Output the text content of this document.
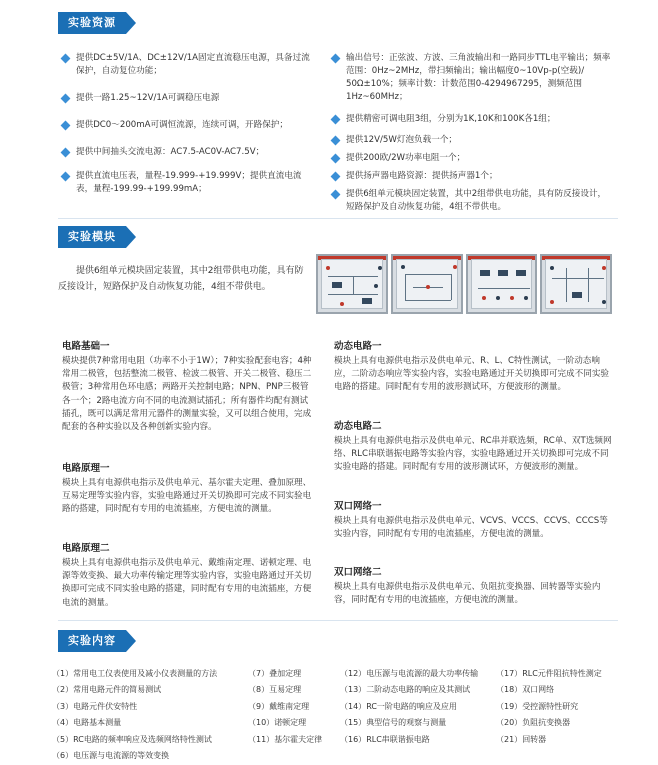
实验资源
提供DC±5V/1A、DC±12V/1A固定直流稳压电源，具备过流保护，自动复位功能；
提供一路1.25~12V/1A可调稳压电源
提供DC0～200mA可调恒流源，连续可调，开路保护；
提供中间抽头交流电源：AC7.5-AC0V-AC7.5V；
提供直流电压表，量程-19.999-+19.999V；提供直流电流表，量程-199.99-+199.99mA；
输出信号：正弦波、方波、三角波输出和一路同步TTL电平输出；频率范围：0Hz~2MHz，带扫频输出；输出幅度0~10Vp-p(空载)/ 50Ω±10%；频率计数：计数范围0-4294967295，测频范围1Hz~60MHz；
提供精密可调电阻3组，分别为1K,10K和100K各1组；
提供12V/5W灯泡负载一个；
提供200欧/2W功率电阻一个；
提供扬声器电路资源：提供扬声器1个；
提供6组单元模块固定装置，其中2组带供电功能，具有防反接设计，短路保护及自动恢复功能，4组不带供电。
实验模块
提供6组单元模块固定装置，其中2组带供电功能，具有防反接设计，短路保护及自动恢复功能，4组不带供电。
电路基础一

模块提供7种常用电阻（功率不小于1W）；7种实验配套电容；4种常用二极管，包括整流二极管、检波二极管、开关二极管、稳压二极管；3种常用色环电感；两路开关控制电路；NPN、PNP三极管各一个；2路电流方向不同的电流测试插孔；所有器件均配有测试插孔，既可以满足常用元器件的测量实验，又可以组合使用，完成配套的各种实验以及各种创新实验内容。

电路原理一

模块上具有电源供电指示及供电单元、基尔霍夫定理、叠加原理、互易定理等实验内容，实验电路通过开关切换即可完成不同实验电路的搭建，同时配有专用的电流插座，方便电流的测量。

电路原理二

模块上具有电源供电指示及供电单元、戴维南定理、诺顿定理、电源等效变换、最大功率传输定理等实验内容，实验电路通过开关切换即可完成不同实验电路的搭建，同时配有专用的电流插座，方便电流的测量。

动态电路一

模块上具有电源供电指示及供电单元、R、L、C特性测试，一阶动态响应，二阶动态响应等实验内容，实验电路通过开关切换即可完成不同实验电路的搭建。同时配有专用的波形测试环，方便波形的测量。

动态电路二

模块上具有电源供电指示及供电单元、RC串并联选频，RC单、双T选频网络、RLC串联谐振电路等实验内容，实验电路通过开关切换即可完成不同实验电路的搭建。同时配有专用的波形测试环，方便波形的测量。

双口网络一

模块上具有电源供电指示及供电单元、VCVS、VCCS、CCVS、CCCS等实验内容，同时配有专用的电流插座，方便电流的测量。

双口网络二

模块上具有电源供电指示及供电单元、负阻抗变换器、回转器等实验内容，同时配有专用的电流插座，方便电流的测量。

实验内容
（1）常用电工仪表使用及减小仪表测量的方法
（2）常用电路元件的简易测试
（3）电路元件伏安特性
（4）电路基本测量
（5）RC电路的频率响应及选频网络特性测试
（6）电压源与电流源的等效变换
（7）叠加定理
（8）互易定理
（9）戴维南定理
（10）诺顿定理
（11）基尔霍夫定律
（12）电压源与电流源的最大功率传输
（13）二阶动态电路的响应及其测试
（14）RC一阶电路的响应及应用
（15）典型信号的观察与测量
（16）RLC串联谐振电路
（17）RLC元件阻抗特性测定
（18）双口网络
（19）受控源特性研究
（20）负阻抗变换器
（21）回转器
